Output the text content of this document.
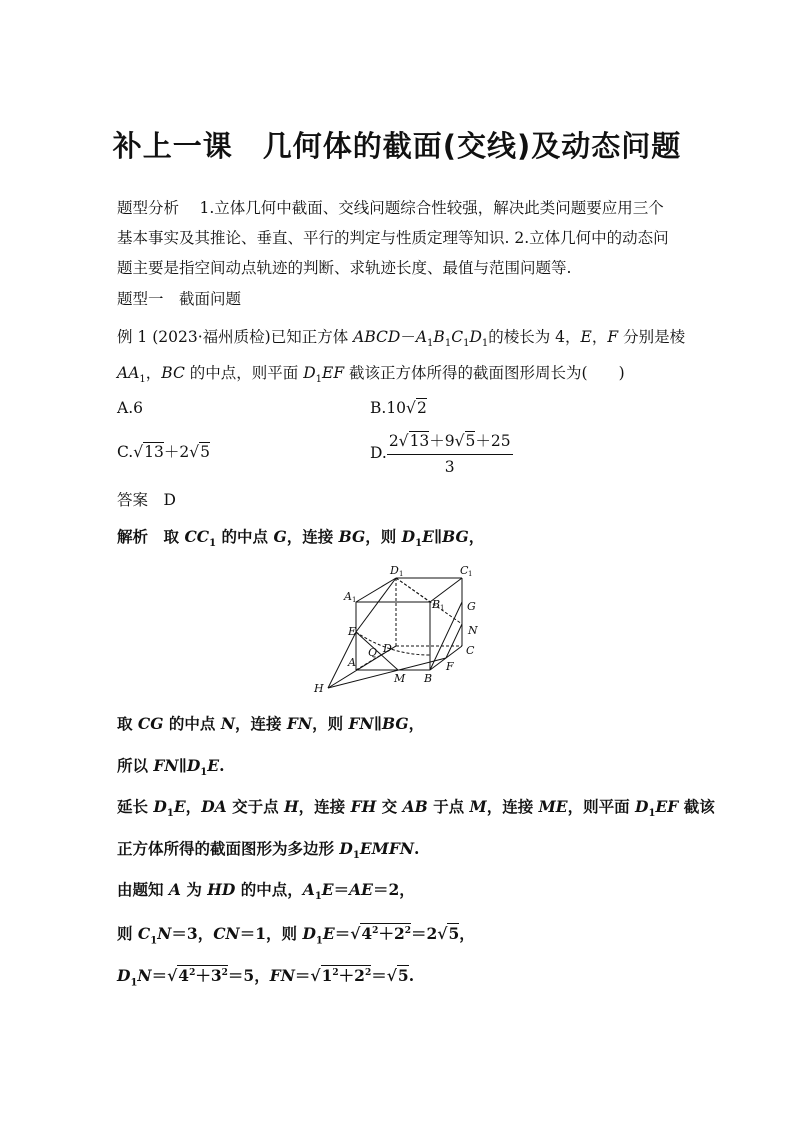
补上一课 几何体的截面(交线)及动态问题
题型分析　 1.立体几何中截面、交线问题综合性较强，解决此类问题要应用三个
基本事实及其推论、垂直、平行的判定与性质定理等知识. 2.立体几何中的动态问
题主要是指空间动点轨迹的判断、求轨迹长度、最值与范围问题等.
题型一　 截面问题
例 1 (2023·福州质检)已知正方体 $ABCD-A_1B_1C_1D_1$的棱长为 4，E，F 分别是棱
$AA_1$，BC 的中点，则平面 $D_1EF$ 截该正方体所得的截面图形周长为(　　)
A.6	B.10√2
C.√13＋2√5	D. $\frac{2√13+9√5+25}{3}$
答案　 D
解析　 取 $CC_1$ 的中点 G，连接 BG，则 $D_1E\parallel BG$，
D 1	C 1
A 1	B 1 G
E	N
Q D	C
A	F
H
M B
取 CG 的中点 N，连接 FN，则 FN∥BG，
所以 $FN\parallel D_1E$.
延长 $D_1E$，DA 交于点 H，连接 FH 交 AB 于点 M，连接 ME，则平面 $D_1EF$ 截该
正方体所得的截面图形为多边形 $D_1EMFN$.
由题知 A 为 HD 的中点，$A_1E=AE=2$，
则 $C_1N=3$，CN＝1，则 $D_1E=√4^2+2^2=2√5$，
$D_1N=√4^2+3^2=5$，$FN=√1^2+2^2=√5$.
